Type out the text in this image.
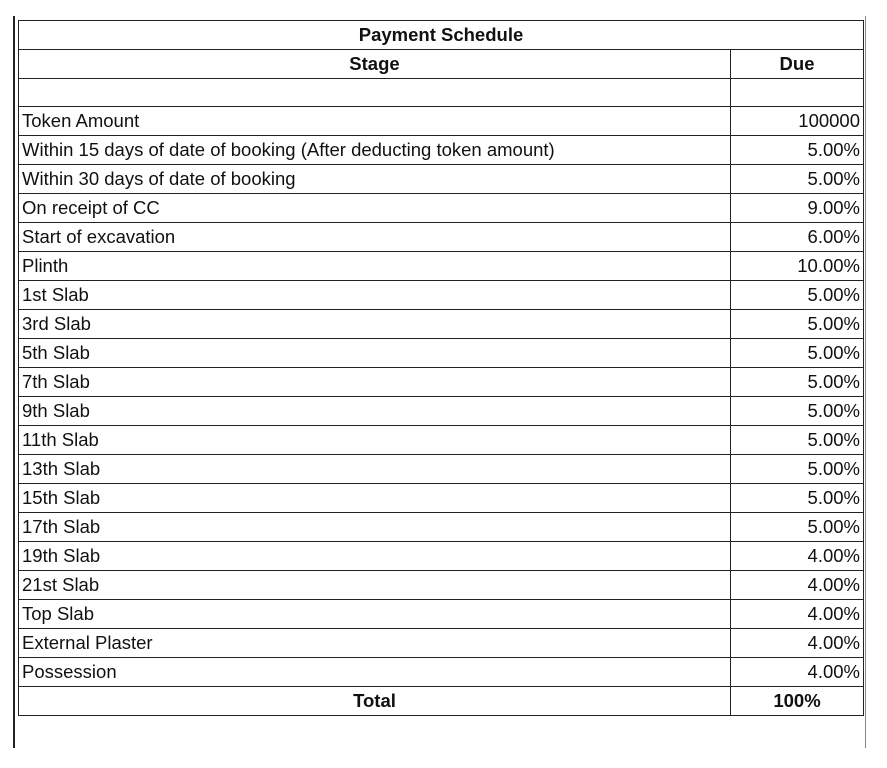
Payment Schedule	
Stage	Due

Token Amount	100000
Within 15 days of date of booking (After deducting token amount)	5.00%
Within 30 days of date of booking	5.00%
On receipt of CC	9.00%
Start of excavation	6.00%
Plinth	10.00%
1st Slab	5.00%
3rd Slab	5.00%
5th Slab	5.00%
7th Slab	5.00%
9th Slab	5.00%
11th Slab	5.00%
13th Slab	5.00%
15th Slab	5.00%
17th Slab	5.00%
19th Slab	4.00%
21st Slab	4.00%
Top Slab	4.00%
External Plaster	4.00%
Possession	4.00%
Total	100%
